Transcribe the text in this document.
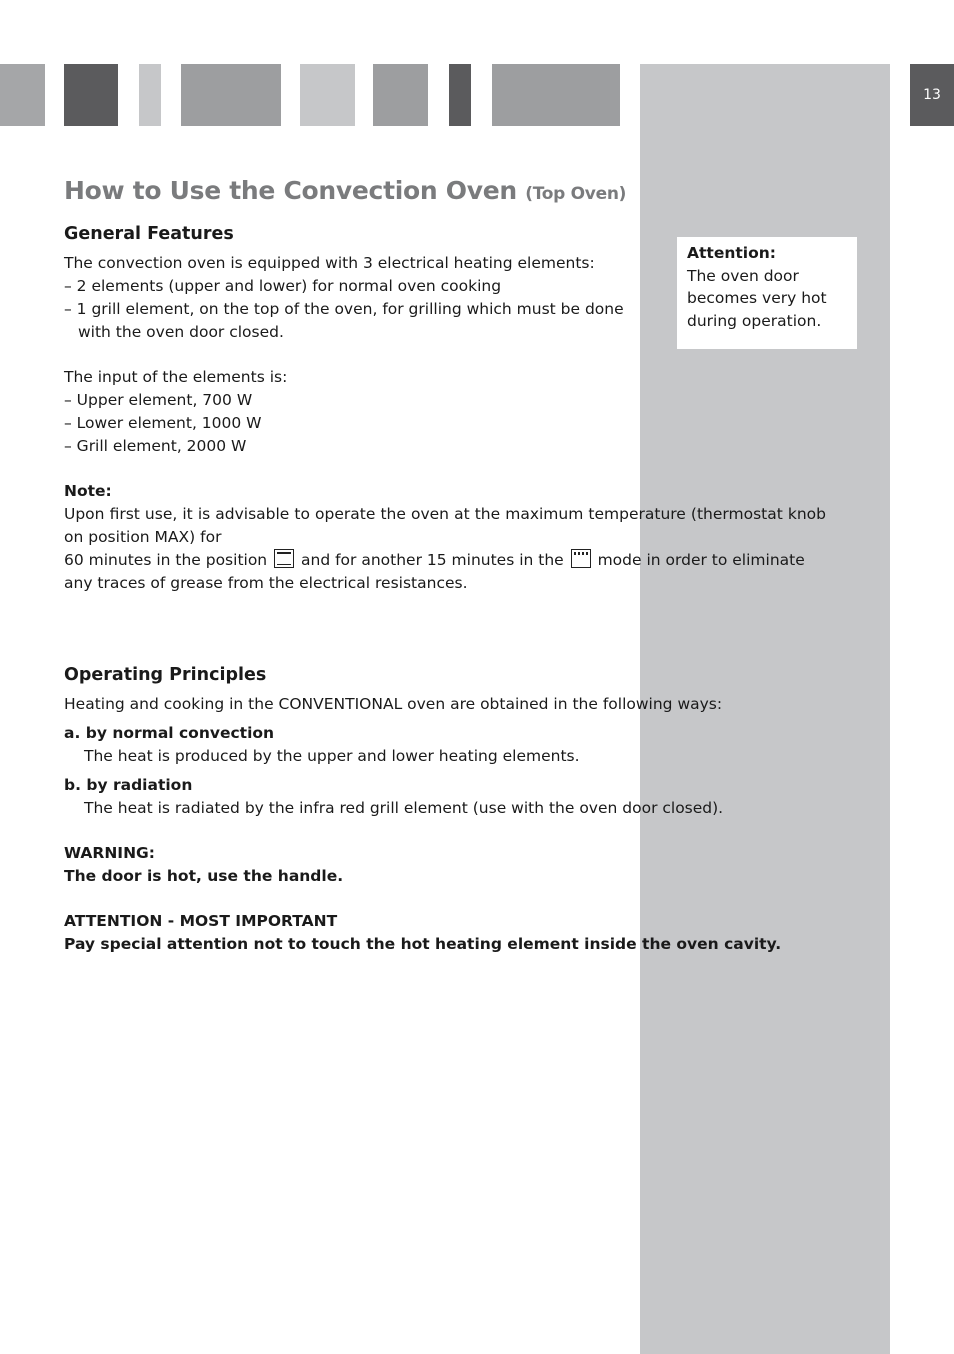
13
How to Use the Convection Oven (Top Oven)
General Features

The convection oven is equipped with 3 electrical heating elements:

– 2 elements (upper and lower) for normal oven cooking

– 1 grill element, on the top of the oven, for grilling which must be done

with the oven door closed.

The input of the elements is:

– Upper element, 700 W

– Lower element, 1000 W

– Grill element, 2000 W

Note:

Upon first use, it is advisable to operate the oven at the maximum temperature (thermostat knob on position MAX) for

60 minutes in the position and for another 15 minutes in the mode in order to eliminate any traces of grease from the electrical resistances.

Operating Principles

Heating and cooking in the CONVENTIONAL oven are obtained in the following ways:

a. by normal convection

The heat is produced by the upper and lower heating elements.

b. by radiation

The heat is radiated by the infra red grill element (use with the oven door closed).

WARNING:

The door is hot, use the handle.

ATTENTION - MOST IMPORTANT

Pay special attention not to touch the hot heating element inside the oven cavity.

Attention:

The oven door becomes very hot during operation.
